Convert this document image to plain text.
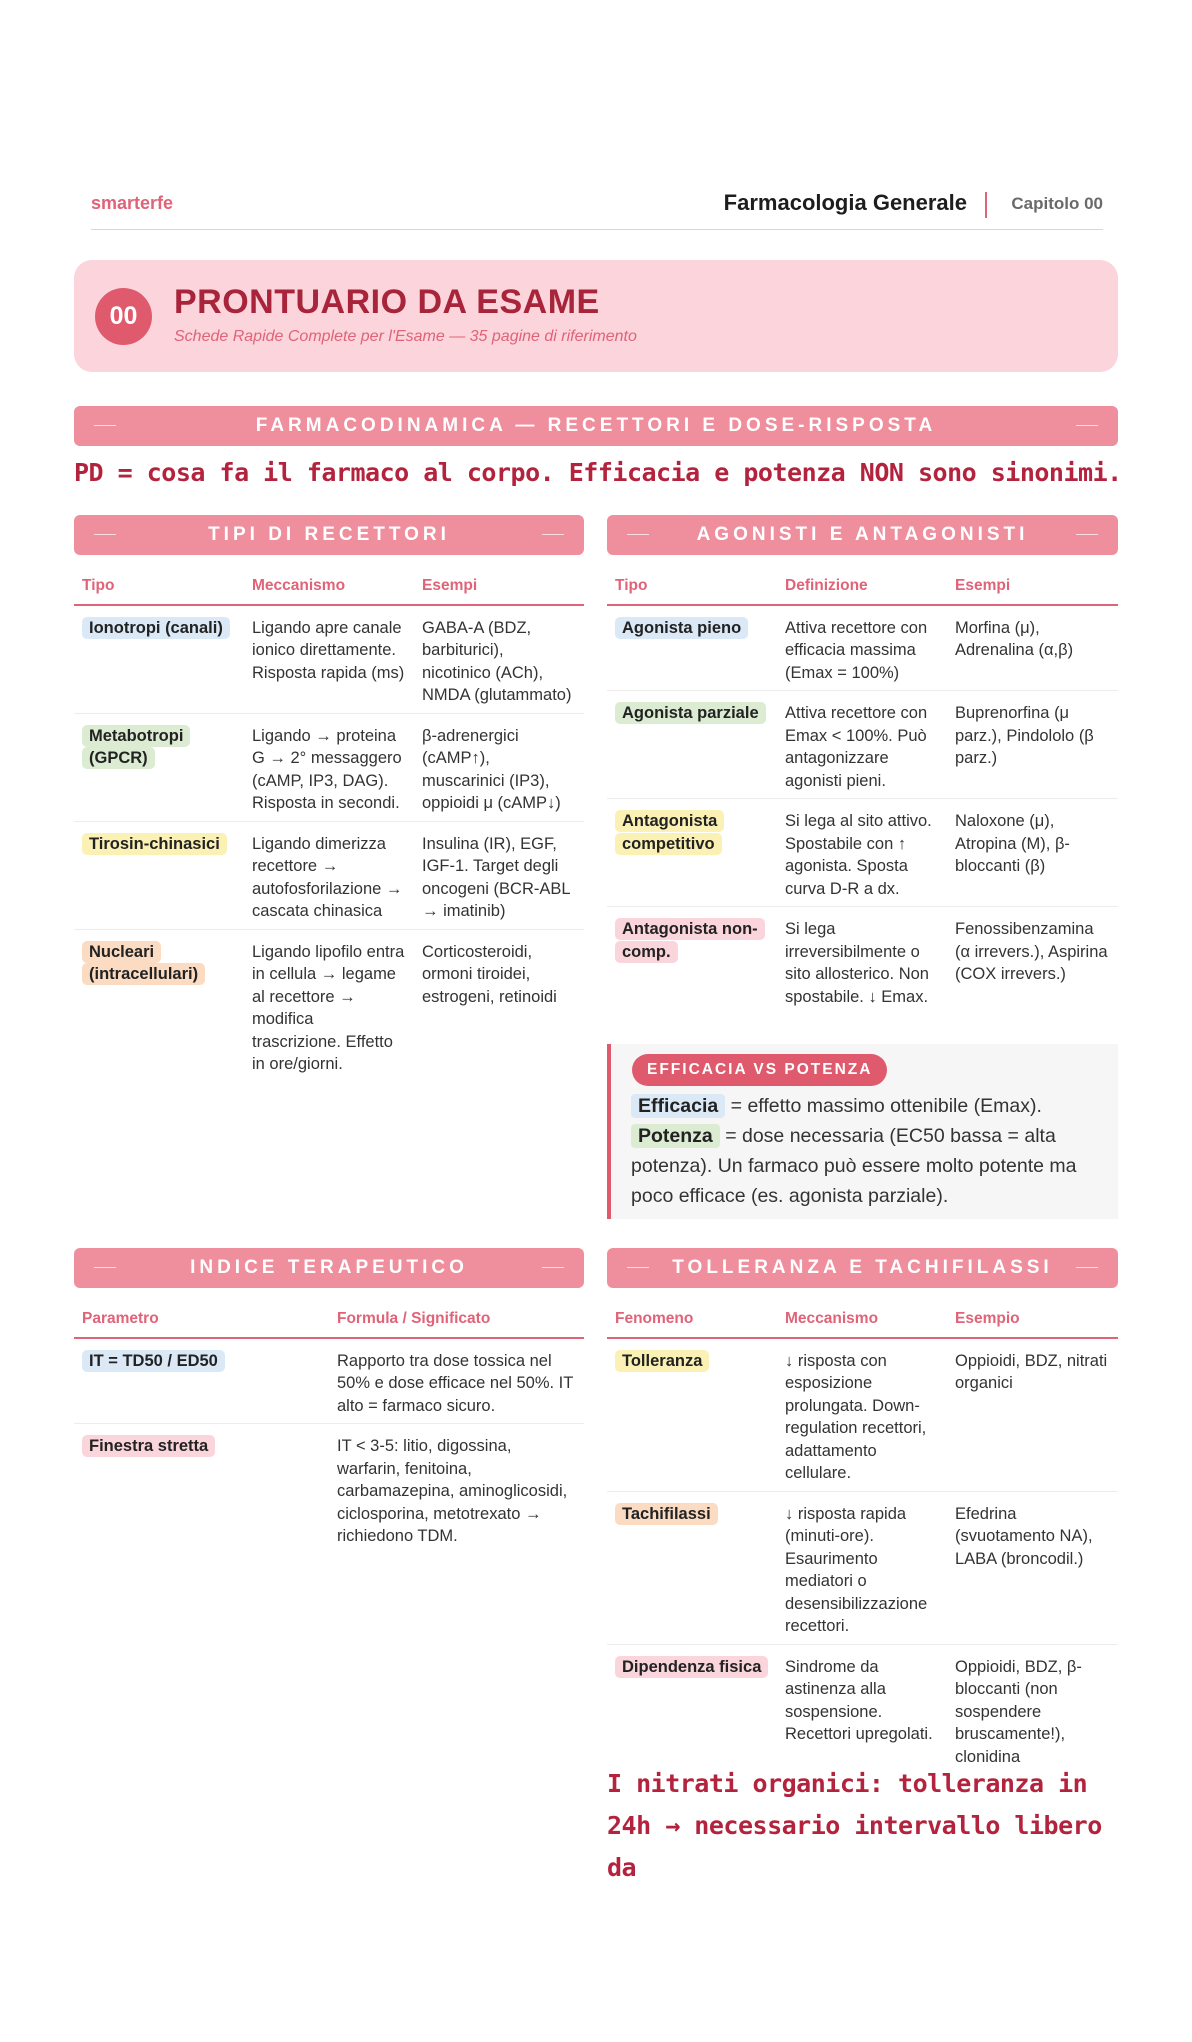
smarterfe	Farmacologia Generale	Capitolo 00
00	PRONTUARIO DA ESAME
Schede Rapide Complete per l'Esame — 35 pagine di riferimento
FARMACODINAMICA — RECETTORI E DOSE-RISPOSTA
PD = cosa fa il farmaco al corpo. Efficacia e potenza NON sono sinonimi.
TIPI DI RECETTORI
Tipo	Meccanismo	Esempi
Ionotropi (canali)	Ligando apre canale ionico direttamente. Risposta rapida (ms)	GABA-A (BDZ, barbiturici), nicotinico (ACh), NMDA (glutammato)
Metabotropi (GPCR)	Ligando → proteina G → 2° messaggero (cAMP, IP3, DAG). Risposta in secondi.	β-adrenergici (cAMP↑), muscarinici (IP3), oppioidi μ (cAMP↓)
Tirosin-chinasici	Ligando dimerizza recettore → autofosforilazione → cascata chinasica	Insulina (IR), EGF, IGF-1. Target degli oncogeni (BCR-ABL → imatinib)
Nucleari (intracellulari)	Ligando lipofilo entra in cellula → legame al recettore → modifica trascrizione. Effetto in ore/giorni.	Corticosteroidi, ormoni tiroidei, estrogeni, retinoidi
AGONISTI E ANTAGONISTI
Tipo	Definizione	Esempi
Agonista pieno	Attiva recettore con efficacia massima (Emax = 100%)	Morfina (μ), Adrenalina (α,β)
Agonista parziale	Attiva recettore con Emax < 100%. Può antagonizzare agonisti pieni.	Buprenorfina (μ parz.), Pindololo (β parz.)
Antagonista competitivo	Si lega al sito attivo. Spostabile con ↑ agonista. Sposta curva D-R a dx.	Naloxone (μ), Atropina (M), β-bloccanti (β)
Antagonista non-comp.	Si lega irreversibilmente o sito allosterico. Non spostabile. ↓ Emax.	Fenossibenzamina (α irrevers.), Aspirina (COX irrevers.)
EFFICACIA VS POTENZA
Efficacia = effetto massimo ottenibile (Emax). Potenza = dose necessaria (EC50 bassa = alta potenza). Un farmaco può essere molto potente ma poco efficace (es. agonista parziale).
INDICE TERAPEUTICO
Parametro	Formula / Significato
IT = TD50 / ED50	Rapporto tra dose tossica nel 50% e dose efficace nel 50%. IT alto = farmaco sicuro.
Finestra stretta	IT < 3-5: litio, digossina, warfarin, fenitoina, carbamazepina, aminoglicosidi, ciclosporina, metotrexato → richiedono TDM.
TOLLERANZA E TACHIFILASSI
Fenomeno	Meccanismo	Esempio
Tolleranza	↓ risposta con esposizione prolungata. Down-regulation recettori, adattamento cellulare.	Oppioidi, BDZ, nitrati organici
Tachifilassi	↓ risposta rapida (minuti-ore). Esaurimento mediatori o desensibilizzazione recettori.	Efedrina (svuotamento NA), LABA (broncodil.)
Dipendenza fisica	Sindrome da astinenza alla sospensione. Recettori upregolati.	Oppioidi, BDZ, β-bloccanti (non sospendere bruscamente!), clonidina
I nitrati organici: tolleranza in 24h → necessario intervallo libero da
